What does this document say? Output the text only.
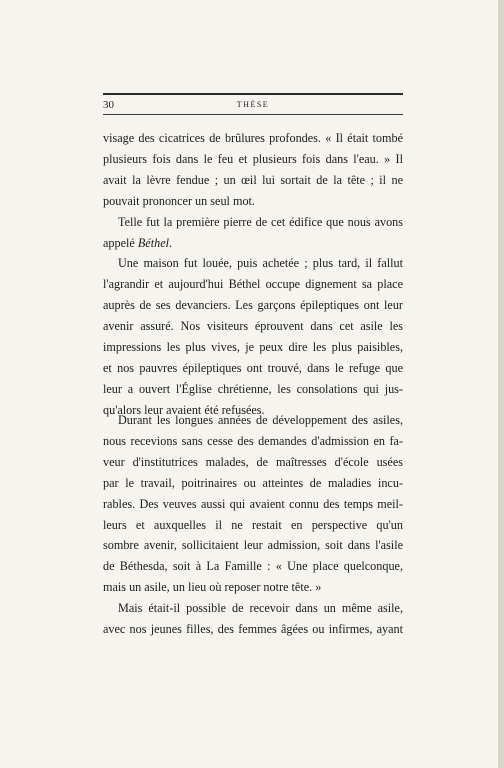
30	THÈSE
visage des cicatrices de brûlures profondes. « Il était tombé
plusieurs fois dans le feu et plusieurs fois dans l'eau. » Il
avait la lèvre fendue ; un œil lui sortait de la tête ; il ne
pouvait prononcer un seul mot.
Telle fut la première pierre de cet édifice que nous avons
appelé Béthel.
Une maison fut louée, puis achetée ; plus tard, il fallut
l'agrandir et aujourd'hui Béthel occupe dignement sa place
auprès de ses devanciers. Les garçons épileptiques ont leur
avenir assuré. Nos visiteurs éprouvent dans cet asile les
impressions les plus vives, je peux dire les plus paisibles,
et nos pauvres épileptiques ont trouvé, dans le refuge que
leur a ouvert l'Église chrétienne, les consolations qui jus-
qu'alors leur avaient été refusées.
Durant les longues années de développement des asiles,
nous recevions sans cesse des demandes d'admission en fa-
veur d'institutrices malades, de maîtresses d'école usées
par le travail, poitrinaires ou atteintes de maladies incu-
rables. Des veuves aussi qui avaient connu des temps meil-
leurs et auxquelles il ne restait en perspective qu'un
sombre avenir, sollicitaient leur admission, soit dans l'asile
de Béthesda, soit à La Famille : « Une place quelconque,
mais un asile, un lieu où reposer notre tête. »
Mais était-il possible de recevoir dans un même asile,
avec nos jeunes filles, des femmes âgées ou infirmes, ayant
